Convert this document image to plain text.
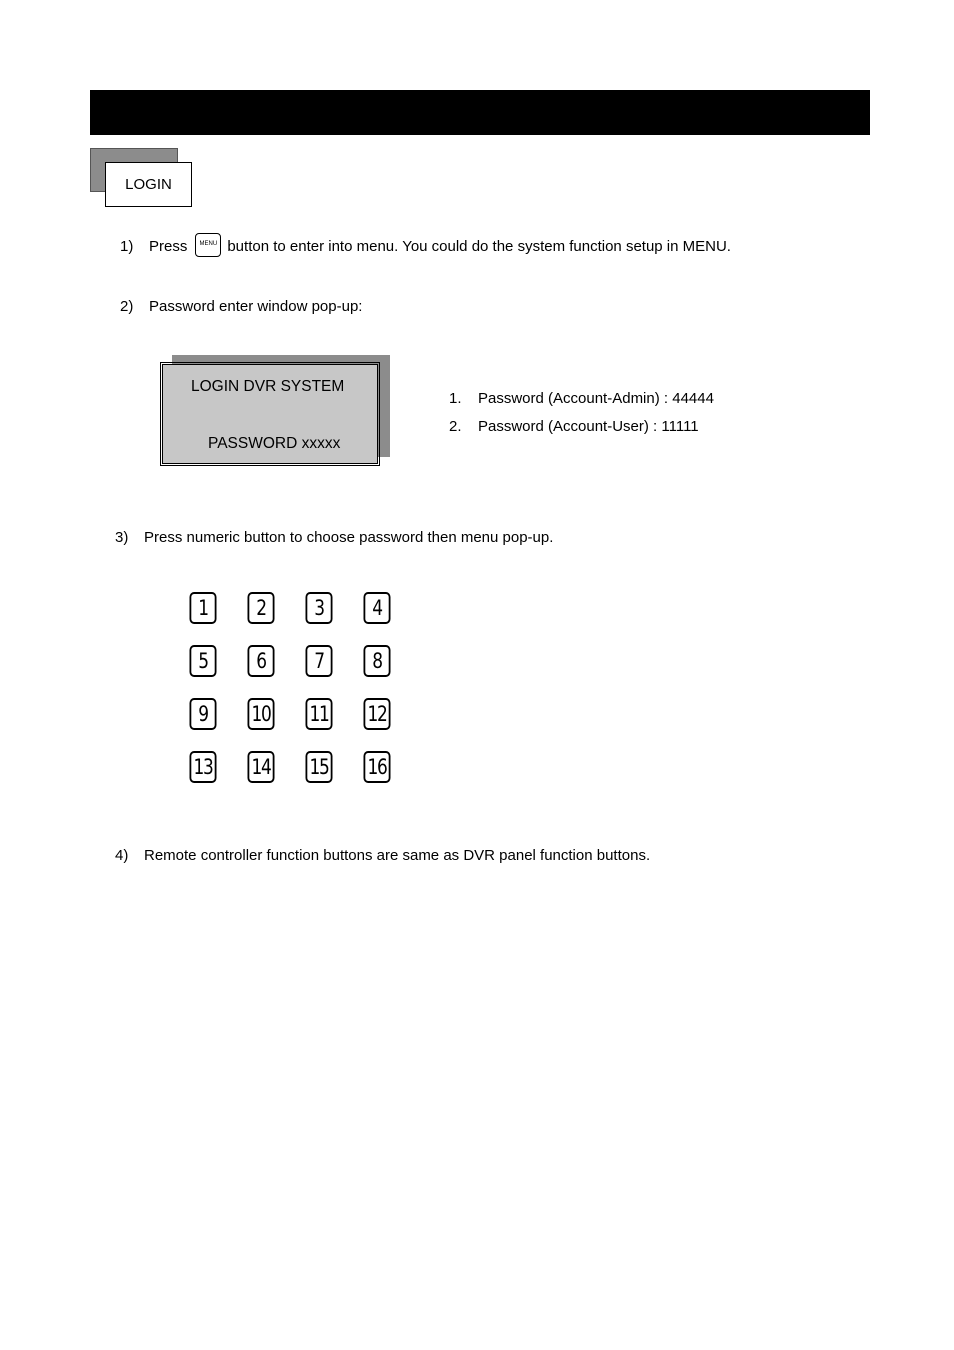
LOGIN
1) Press MENU button to enter into menu. You could do the system function setup in MENU.
2) Password enter window pop-up:
LOGIN DVR SYSTEM
PASSWORD xxxxx
1. Password (Account-Admin) : 44444
2. Password (Account-User) : 11111
3) Press numeric button to choose password then menu pop-up.
1	2	3	4
5	6	7	8
9	10 11 12
13 14 15 16
4) Remote controller function buttons are same as DVR panel function buttons.
